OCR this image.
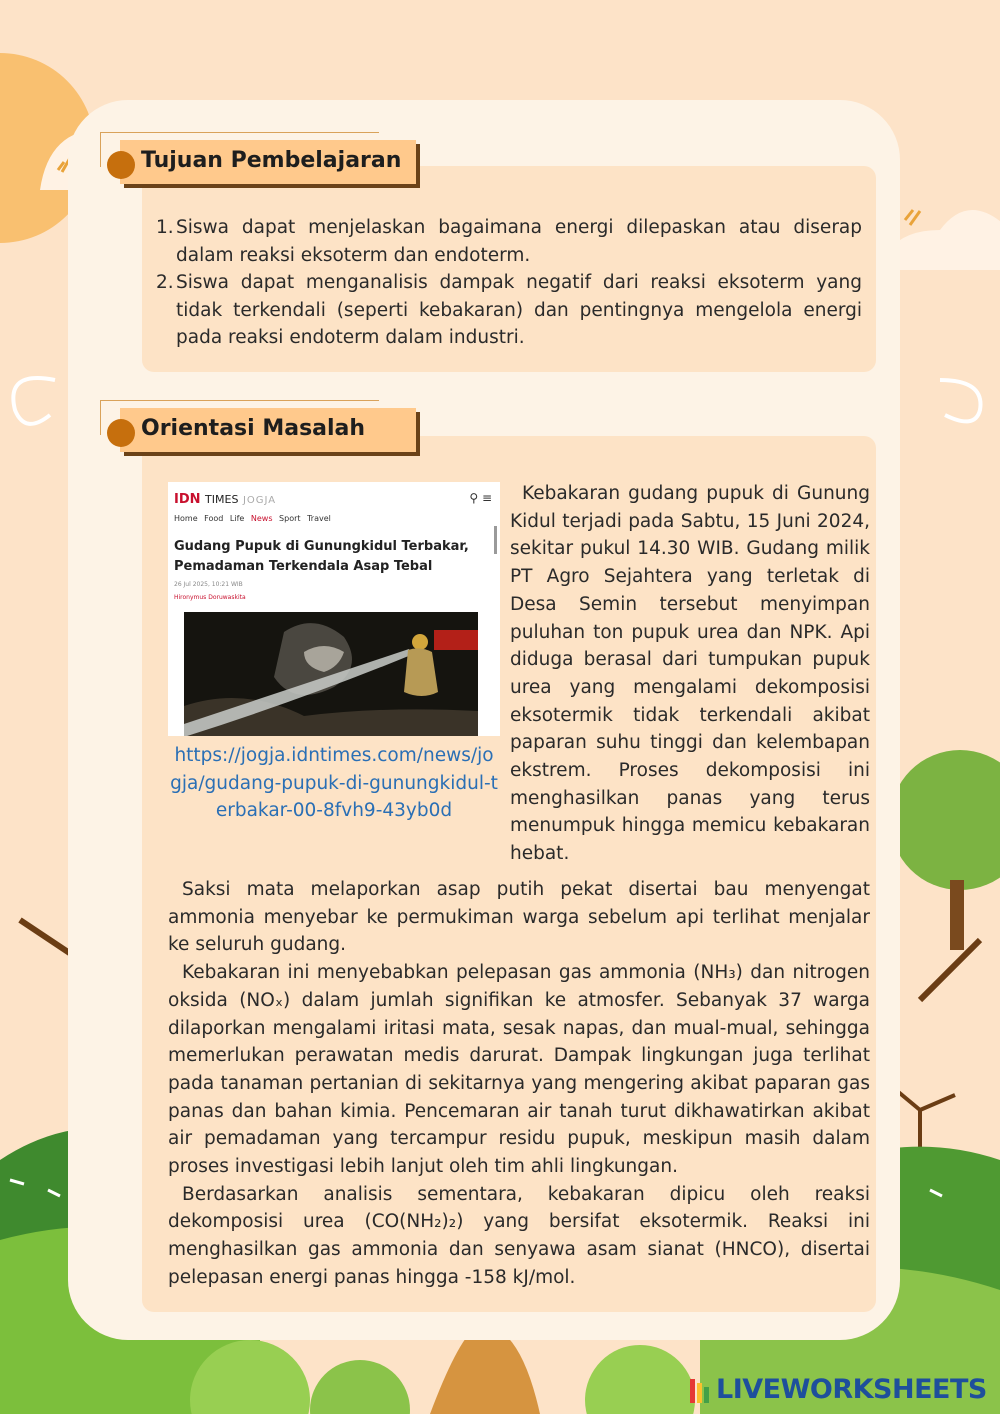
Tujuan Pembelajaran
1. Siswa dapat menjelaskan bagaimana energi dilepaskan atau diserap dalam reaksi eksoterm dan endoterm.
2. Siswa dapat menganalisis dampak negatif dari reaksi eksoterm yang tidak terkendali (seperti kebakaran) dan pentingnya mengelola energi pada reaksi endoterm dalam industri.
Orientasi Masalah
IDN TIMES JOGJA	⚲ ≡
Home Food Life News Sport Travel
Gudang Pupuk di Gunungkidul Terbakar, Pemadaman Terkendala Asap Tebal
26 Jul 2025, 10:21 WIB
Hironymus Doruwaskita
https://jogja.idntimes.com/news/jogja/gudang-pupuk-di-gunungkidul-terbakar-00-8fvh9-43yb0d

Kebakaran gudang pupuk di Gunung Kidul terjadi pada Sabtu, 15 Juni 2024, sekitar pukul 14.30 WIB. Gudang milik PT Agro Sejahtera yang terletak di Desa Semin tersebut menyimpan puluhan ton pupuk urea dan NPK. Api diduga berasal dari tumpukan pupuk urea yang mengalami dekomposisi eksotermik tidak terkendali akibat paparan suhu tinggi dan kelembapan ekstrem. Proses dekomposisi ini menghasilkan panas yang terus menumpuk hingga memicu kebakaran hebat.

Saksi mata melaporkan asap putih pekat disertai bau menyengat ammonia menyebar ke permukiman warga sebelum api terlihat menjalar ke seluruh gudang.

Kebakaran ini menyebabkan pelepasan gas ammonia (NH₃) dan nitrogen oksida (NOₓ) dalam jumlah signifikan ke atmosfer. Sebanyak 37 warga dilaporkan mengalami iritasi mata, sesak napas, dan mual-mual, sehingga memerlukan perawatan medis darurat. Dampak lingkungan juga terlihat pada tanaman pertanian di sekitarnya yang mengering akibat paparan gas panas dan bahan kimia. Pencemaran air tanah turut dikhawatirkan akibat air pemadaman yang tercampur residu pupuk, meskipun masih dalam proses investigasi lebih lanjut oleh tim ahli lingkungan.

Berdasarkan analisis sementara, kebakaran dipicu oleh reaksi dekomposisi urea (CO(NH₂)₂) yang bersifat eksotermik. Reaksi ini menghasilkan gas ammonia dan senyawa asam sianat (HNCO), disertai pelepasan energi panas hingga -158 kJ/mol.

LIVEWORKSHEETS
